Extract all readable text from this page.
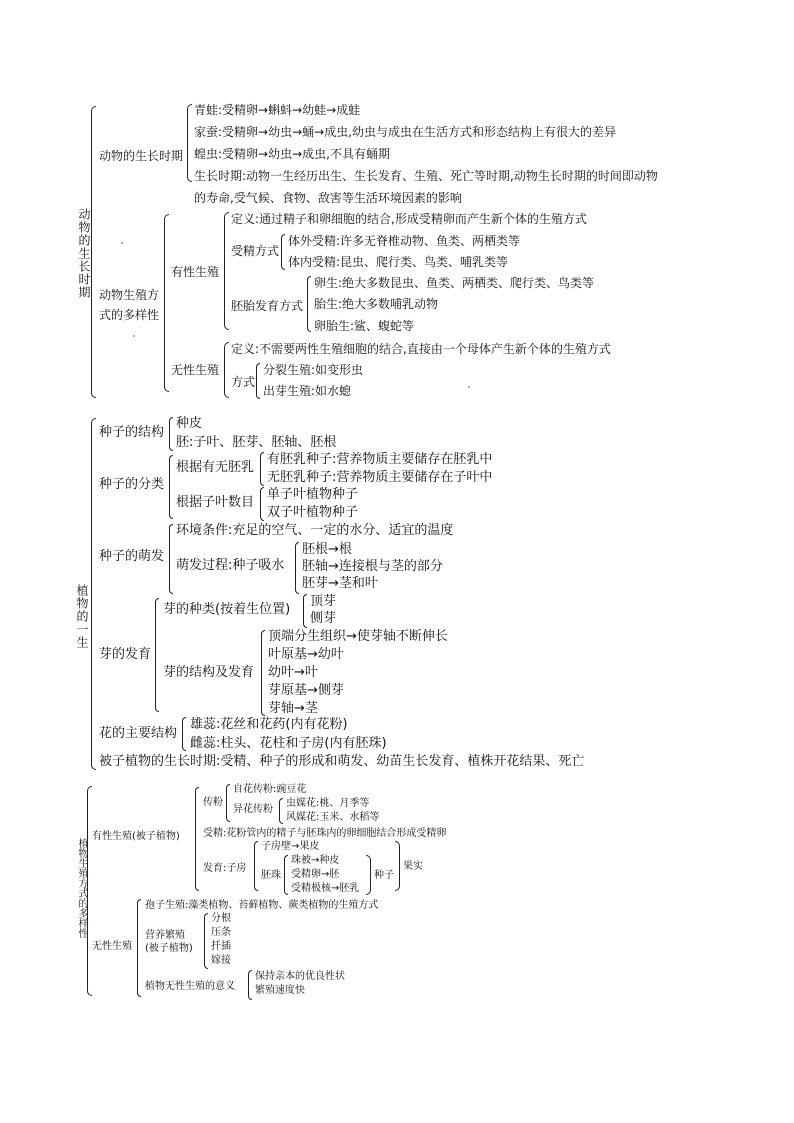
动物的生长时期
动物的生长时期
青蛙:受精卵→蝌蚪→幼蛙→成蛙
家蚕:受精卵→幼虫→蛹→成虫,幼虫与成虫在生活方式和形态结构上有很大的差异
蝗虫:受精卵→幼虫→成虫,不具有蛹期
生长时期:动物一生经历出生、生长发育、生殖、死亡等时期,动物生长时期的时间即动物
的寿命,受气候、食物、敌害等生活环境因素的影响
动物生殖方
式的多样性
有性生殖
定义:通过精子和卵细胞的结合,形成受精卵而产生新个体的生殖方式
受精方式
体外受精:许多无脊椎动物、鱼类、两栖类等
体内受精:昆虫、爬行类、鸟类、哺乳类等
胚胎发育方式
卵生:绝大多数昆虫、鱼类、两栖类、爬行类、鸟类等
胎生:绝大多数哺乳动物
卵胎生:鲨、蝮蛇等
无性生殖
定义:不需要两性生殖细胞的结合,直接由一个母体产生新个体的生殖方式
方式
分裂生殖:如变形虫
出芽生殖:如水螅
植物的一生
种子的结构
种皮
胚:子叶、胚芽、胚轴、胚根
种子的分类
根据有无胚乳
有胚乳种子:营养物质主要储存在胚乳中
无胚乳种子:营养物质主要储存在子叶中
根据子叶数目
单子叶植物种子
双子叶植物种子
种子的萌发
环境条件:充足的空气、一定的水分、适宜的温度
萌发过程:种子吸水
胚根→根
胚轴→连接根与茎的部分
胚芽→茎和叶
芽的发育
芽的种类(按着生位置)
顶芽
侧芽
芽的结构及发育
顶端分生组织→使芽轴不断伸长
叶原基→幼叶
幼叶→叶
芽原基→侧芽
芽轴→茎
花的主要结构
雄蕊:花丝和花药(内有花粉)
雌蕊:柱头、花柱和子房(内有胚珠)
被子植物的生长时期:受精、种子的形成和萌发、幼苗生长发育、植株开花结果、死亡
植物生殖方式的多样性
有性生殖(被子植物)
传粉
自花传粉:豌豆花
异花传粉
虫媒花:桃、月季等
风媒花:玉米、水稻等
受精:花粉管内的精子与胚珠内的卵细胞结合形成受精卵
发育:子房
子房壁→果皮
胚珠
珠被→种皮
受精卵→胚
受精极核→胚乳
种子
果实
无性生殖
孢子生殖:藻类植物、苔藓植物、蕨类植物的生殖方式
营养繁殖
(被子植物)
分根
压条
扦插
嫁接
植物无性生殖的意义
保持亲本的优良性状
繁殖速度快
